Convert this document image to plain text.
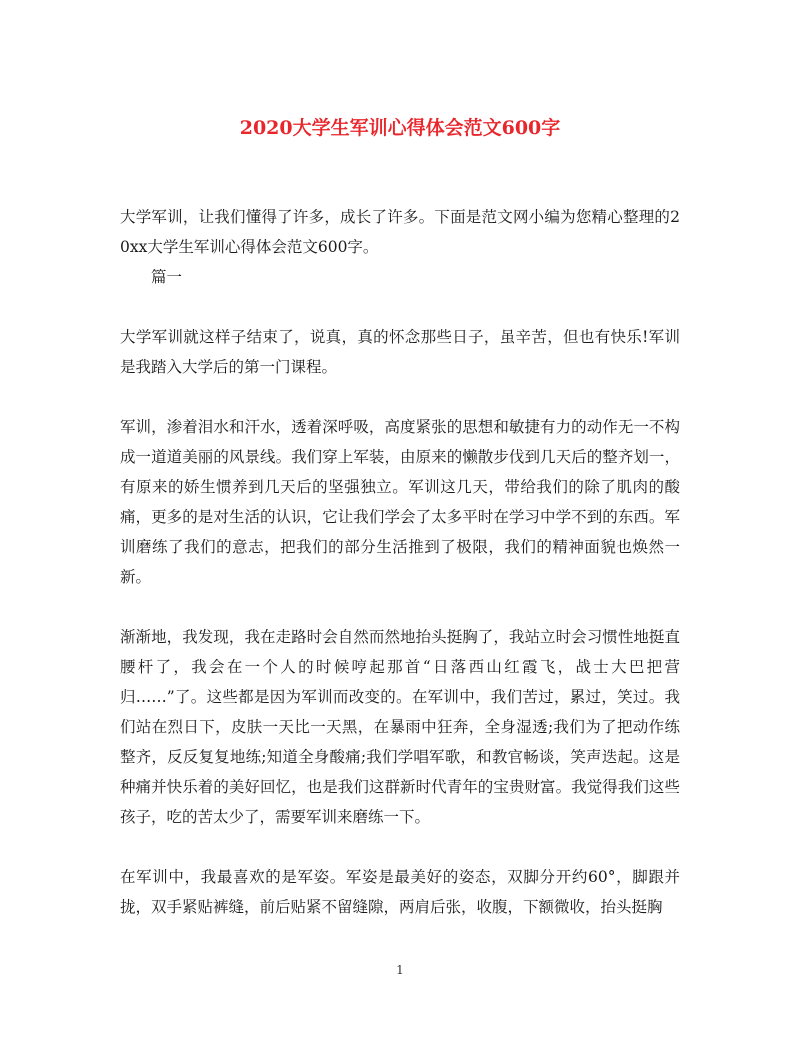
2020大学生军训心得体会范文600字

大学军训，让我们懂得了许多，成长了许多。下面是范文网小编为您精心整理的20xx大学生军训心得体会范文600字。

篇一

大学军训就这样子结束了，说真，真的怀念那些日子，虽辛苦，但也有快乐!军训是我踏入大学后的第一门课程。

军训，渗着泪水和汗水，透着深呼吸，高度紧张的思想和敏捷有力的动作无一不构成一道道美丽的风景线。我们穿上军装，由原来的懒散步伐到几天后的整齐划一，有原来的娇生惯养到几天后的坚强独立。军训这几天，带给我们的除了肌肉的酸痛，更多的是对生活的认识，它让我们学会了太多平时在学习中学不到的东西。军训磨练了我们的意志，把我们的部分生活推到了极限，我们的精神面貌也焕然一新。

渐渐地，我发现，我在走路时会自然而然地抬头挺胸了，我站立时会习惯性地挺直腰杆了，我会在一个人的时候哼起那首“日落西山红霞飞，战士大巴把营归……”了。这些都是因为军训而改变的。在军训中，我们苦过，累过，笑过。我们站在烈日下，皮肤一天比一天黑，在暴雨中狂奔，全身湿透;我们为了把动作练整齐，反反复复地练;知道全身酸痛;我们学唱军歌，和教官畅谈，笑声迭起。这是种痛并快乐着的美好回忆，也是我们这群新时代青年的宝贵财富。我觉得我们这些孩子，吃的苦太少了，需要军训来磨练一下。

在军训中，我最喜欢的是军姿。军姿是最美好的姿态，双脚分开约60°，脚跟并拢，双手紧贴裤缝，前后贴紧不留缝隙，两肩后张，收腹，下额微收，抬头挺胸

1
